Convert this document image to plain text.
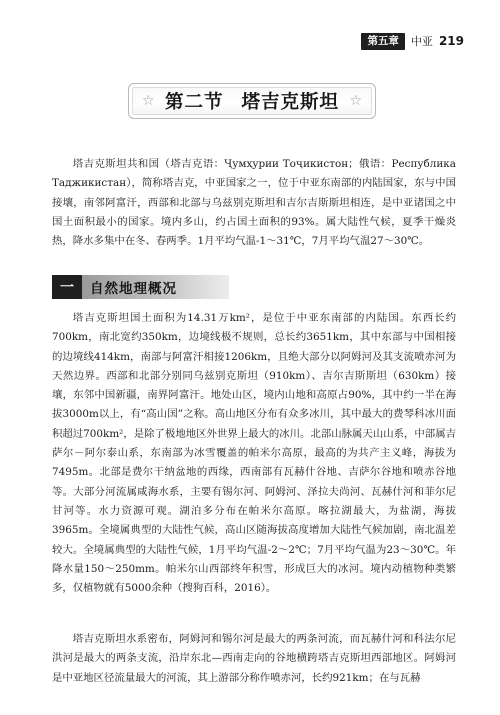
第五章	中亚 219
☆ 第二节 塔吉克斯坦 ☆

塔吉克斯坦共和国（塔吉克语：Ҷумҳурии Тоҷикистон；俄语：Республика Таджикистан），简称塔吉克，中亚国家之一，位于中亚东南部的内陆国家，东与中国接壤，南邻阿富汗，西部和北部与乌兹别克斯坦和吉尔吉斯斯坦相连，是中亚诸国之中国土面积最小的国家。境内多山，约占国土面积的93%。属大陆性气候，夏季干燥炎热，降水多集中在冬、春两季。1月平均气温-1～31℃，7月平均气温27～30℃。

一	自然地理概况

塔吉克斯坦国土面积为14.31万km²，是位于中亚东南部的内陆国。东西长约700km，南北宽约350km，边境线极不规则，总长约3651km，其中东部与中国相接的边境线414km，南部与阿富汗相接1206km，且绝大部分以阿姆河及其支流喷赤河为天然边界。西部和北部分别同乌兹别克斯坦（910km）、吉尔吉斯斯坦（630km）接壤，东邻中国新疆，南界阿富汗。地处山区，境内山地和高原占90%，其中约一半在海拔3000m以上，有“高山国”之称。高山地区分布有众多冰川，其中最大的费琴科冰川面积超过700km²，是除了极地地区外世界上最大的冰川。北部山脉属天山山系，中部属吉萨尔－阿尔泰山系，东南部为冰雪覆盖的帕米尔高原，最高的为共产主义峰，海拔为7495m。北部是费尔干纳盆地的西缘，西南部有瓦赫什谷地、吉萨尔谷地和喷赤谷地等。大部分河流属咸海水系，主要有锡尔河、阿姆河、泽拉夫尚河、瓦赫什河和菲尔尼甘河等。水力资源可观。湖泊多分布在帕米尔高原。喀拉湖最大，为盐湖，海拔3965m。全境属典型的大陆性气候，高山区随海拔高度增加大陆性气候加剧，南北温差较大。全境属典型的大陆性气候，1月平均气温-2～2℃；7月平均气温为23～30℃。年降水量150～250mm。帕米尔山西部终年积雪，形成巨大的冰河。境内动植物种类繁多，仅植物就有5000余种（搜狗百科，2016）。

塔吉克斯坦水系密布，阿姆河和锡尔河是最大的两条河流，而瓦赫什河和科法尔尼洪河是最大的两条支流，沿岸东北—西南走向的谷地横跨塔吉克斯坦西部地区。阿姆河是中亚地区径流量最大的河流，其上游部分称作喷赤河，长约921km；在与瓦赫
